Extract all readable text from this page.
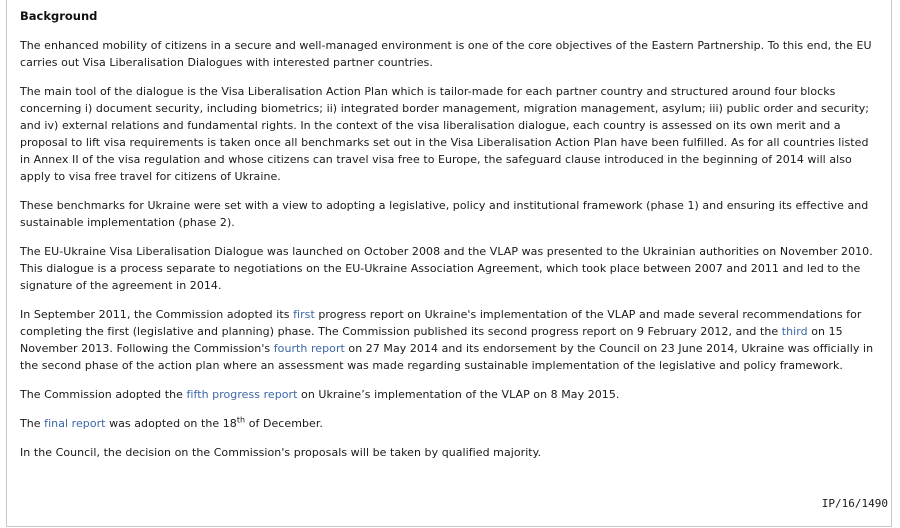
Background

The enhanced mobility of citizens in a secure and well-managed environment is one of the core objectives of the Eastern Partnership. To this end, the EU carries out Visa Liberalisation Dialogues with interested partner countries.

The main tool of the dialogue is the Visa Liberalisation Action Plan which is tailor-made for each partner country and structured around four blocks concerning i) document security, including biometrics; ii) integrated border management, migration management, asylum; iii) public order and security; and iv) external relations and fundamental rights. In the context of the visa liberalisation dialogue, each country is assessed on its own merit and a proposal to lift visa requirements is taken once all benchmarks set out in the Visa Liberalisation Action Plan have been fulfilled. As for all countries listed in Annex II of the visa regulation and whose citizens can travel visa free to Europe, the safeguard clause introduced in the beginning of 2014 will also apply to visa free travel for citizens of Ukraine.

These benchmarks for Ukraine were set with a view to adopting a legislative, policy and institutional framework (phase 1) and ensuring its effective and sustainable implementation (phase 2).

The EU-Ukraine Visa Liberalisation Dialogue was launched on October 2008 and the VLAP was presented to the Ukrainian authorities on November 2010. This dialogue is a process separate to negotiations on the EU-Ukraine Association Agreement, which took place between 2007 and 2011 and led to the signature of the agreement in 2014.

In September 2011, the Commission adopted its first progress report on Ukraine's implementation of the VLAP and made several recommendations for completing the first (legislative and planning) phase. The Commission published its second progress report on 9 February 2012, and the third on 15 November 2013. Following the Commission's fourth report on 27 May 2014 and its endorsement by the Council on 23 June 2014, Ukraine was officially in the second phase of the action plan where an assessment was made regarding sustainable implementation of the legislative and policy framework.

The Commission adopted the fifth progress report on Ukraine’s implementation of the VLAP on 8 May 2015.

The final report was adopted on the 18th of December.

In the Council, the decision on the Commission's proposals will be taken by qualified majority.

IP/16/1490
